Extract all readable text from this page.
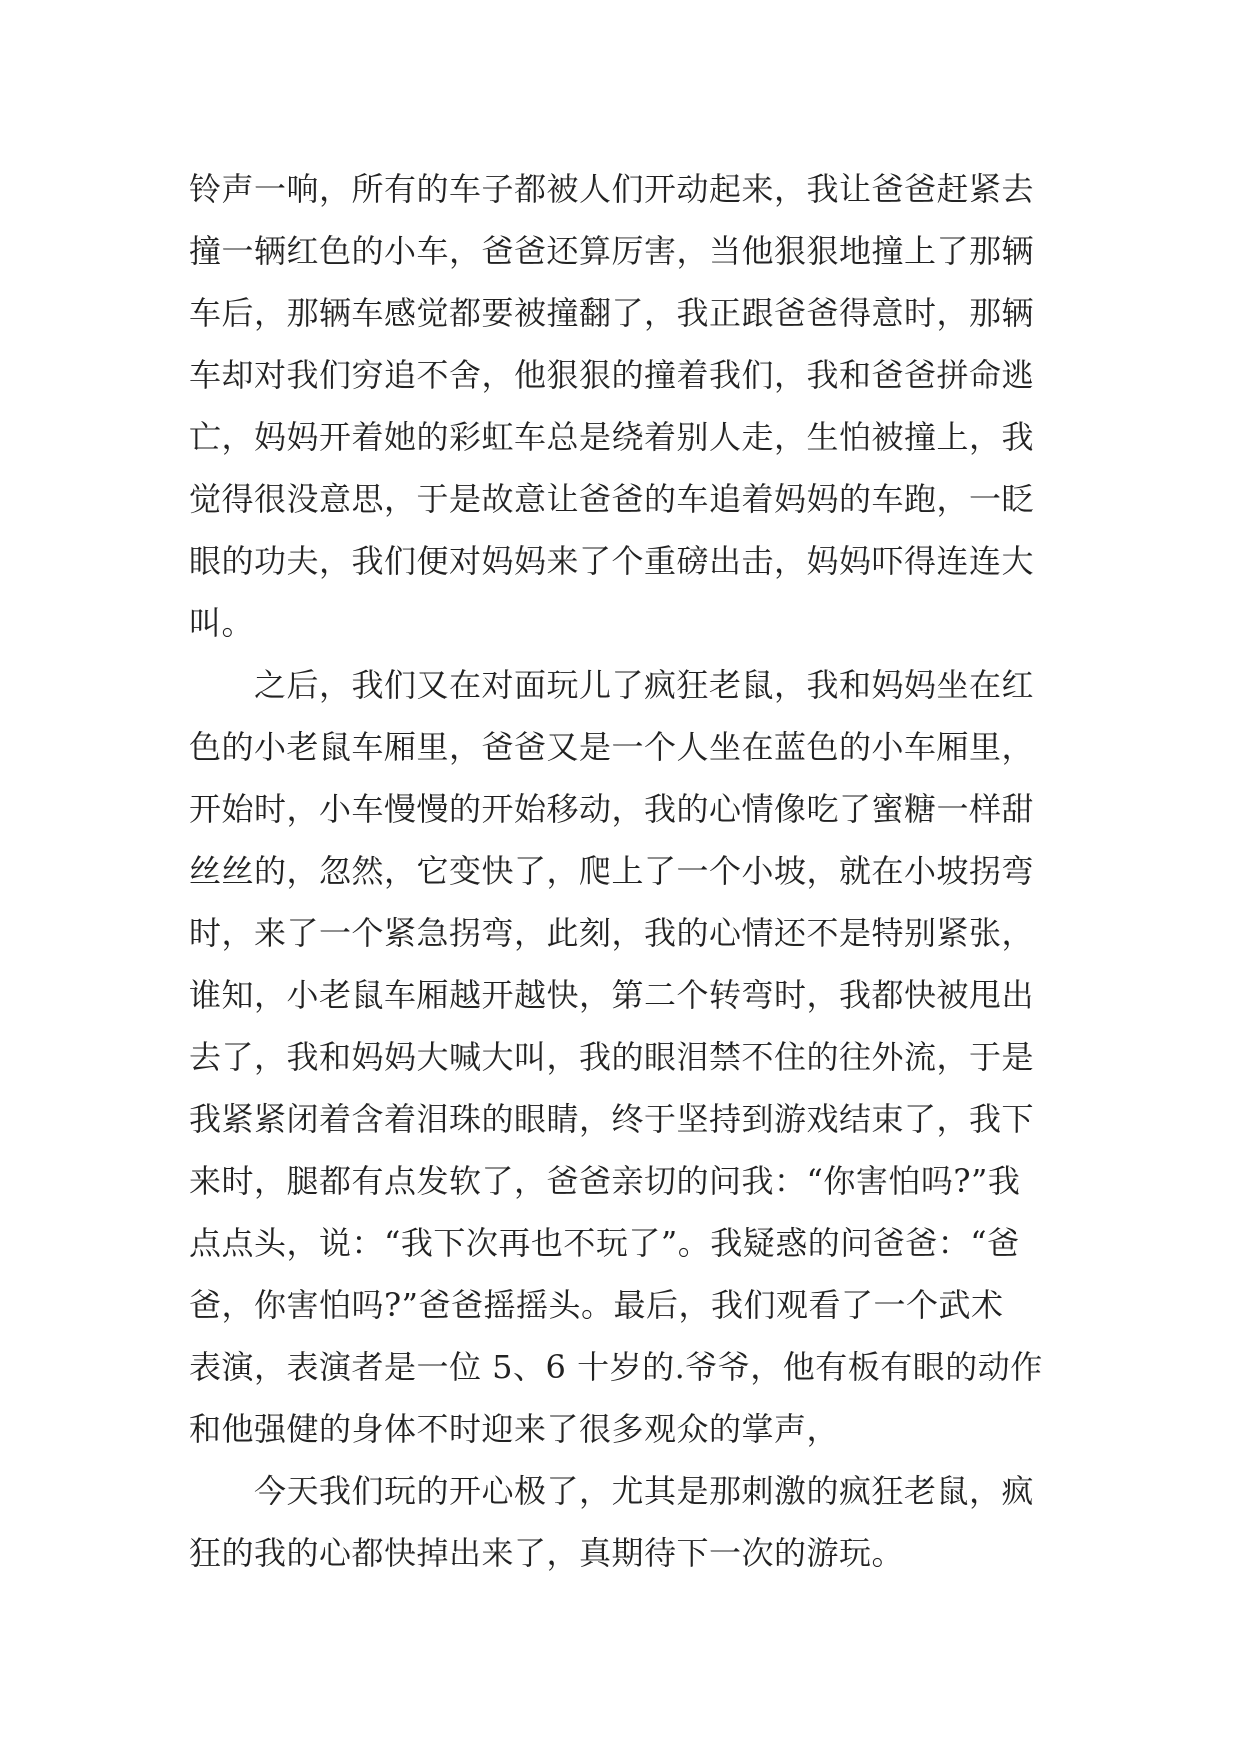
铃声一响，所有的车子都被人们开动起来，我让爸爸赶紧去
撞一辆红色的小车，爸爸还算厉害，当他狠狠地撞上了那辆
车后，那辆车感觉都要被撞翻了，我正跟爸爸得意时，那辆
车却对我们穷追不舍，他狠狠的撞着我们，我和爸爸拼命逃
亡，妈妈开着她的彩虹车总是绕着别人走，生怕被撞上，我
觉得很没意思，于是故意让爸爸的车追着妈妈的车跑，一眨
眼的功夫，我们便对妈妈来了个重磅出击，妈妈吓得连连大
叫。
　　之后，我们又在对面玩儿了疯狂老鼠，我和妈妈坐在红
色的小老鼠车厢里，爸爸又是一个人坐在蓝色的小车厢里，
开始时，小车慢慢的开始移动，我的心情像吃了蜜糖一样甜
丝丝的，忽然，它变快了，爬上了一个小坡，就在小坡拐弯
时，来了一个紧急拐弯，此刻，我的心情还不是特别紧张，
谁知，小老鼠车厢越开越快，第二个转弯时，我都快被甩出
去了，我和妈妈大喊大叫，我的眼泪禁不住的往外流，于是
我紧紧闭着含着泪珠的眼睛，终于坚持到游戏结束了，我下
来时，腿都有点发软了，爸爸亲切的问我：“你害怕吗?”我
点点头，说：“我下次再也不玩了”。我疑惑的问爸爸：“爸
爸，你害怕吗?”爸爸摇摇头。最后，我们观看了一个武术
表演，表演者是一位 5、6 十岁的.爷爷，他有板有眼的动作
和他强健的身体不时迎来了很多观众的掌声，
　　今天我们玩的开心极了，尤其是那刺激的疯狂老鼠，疯
狂的我的心都快掉出来了，真期待下一次的游玩。
